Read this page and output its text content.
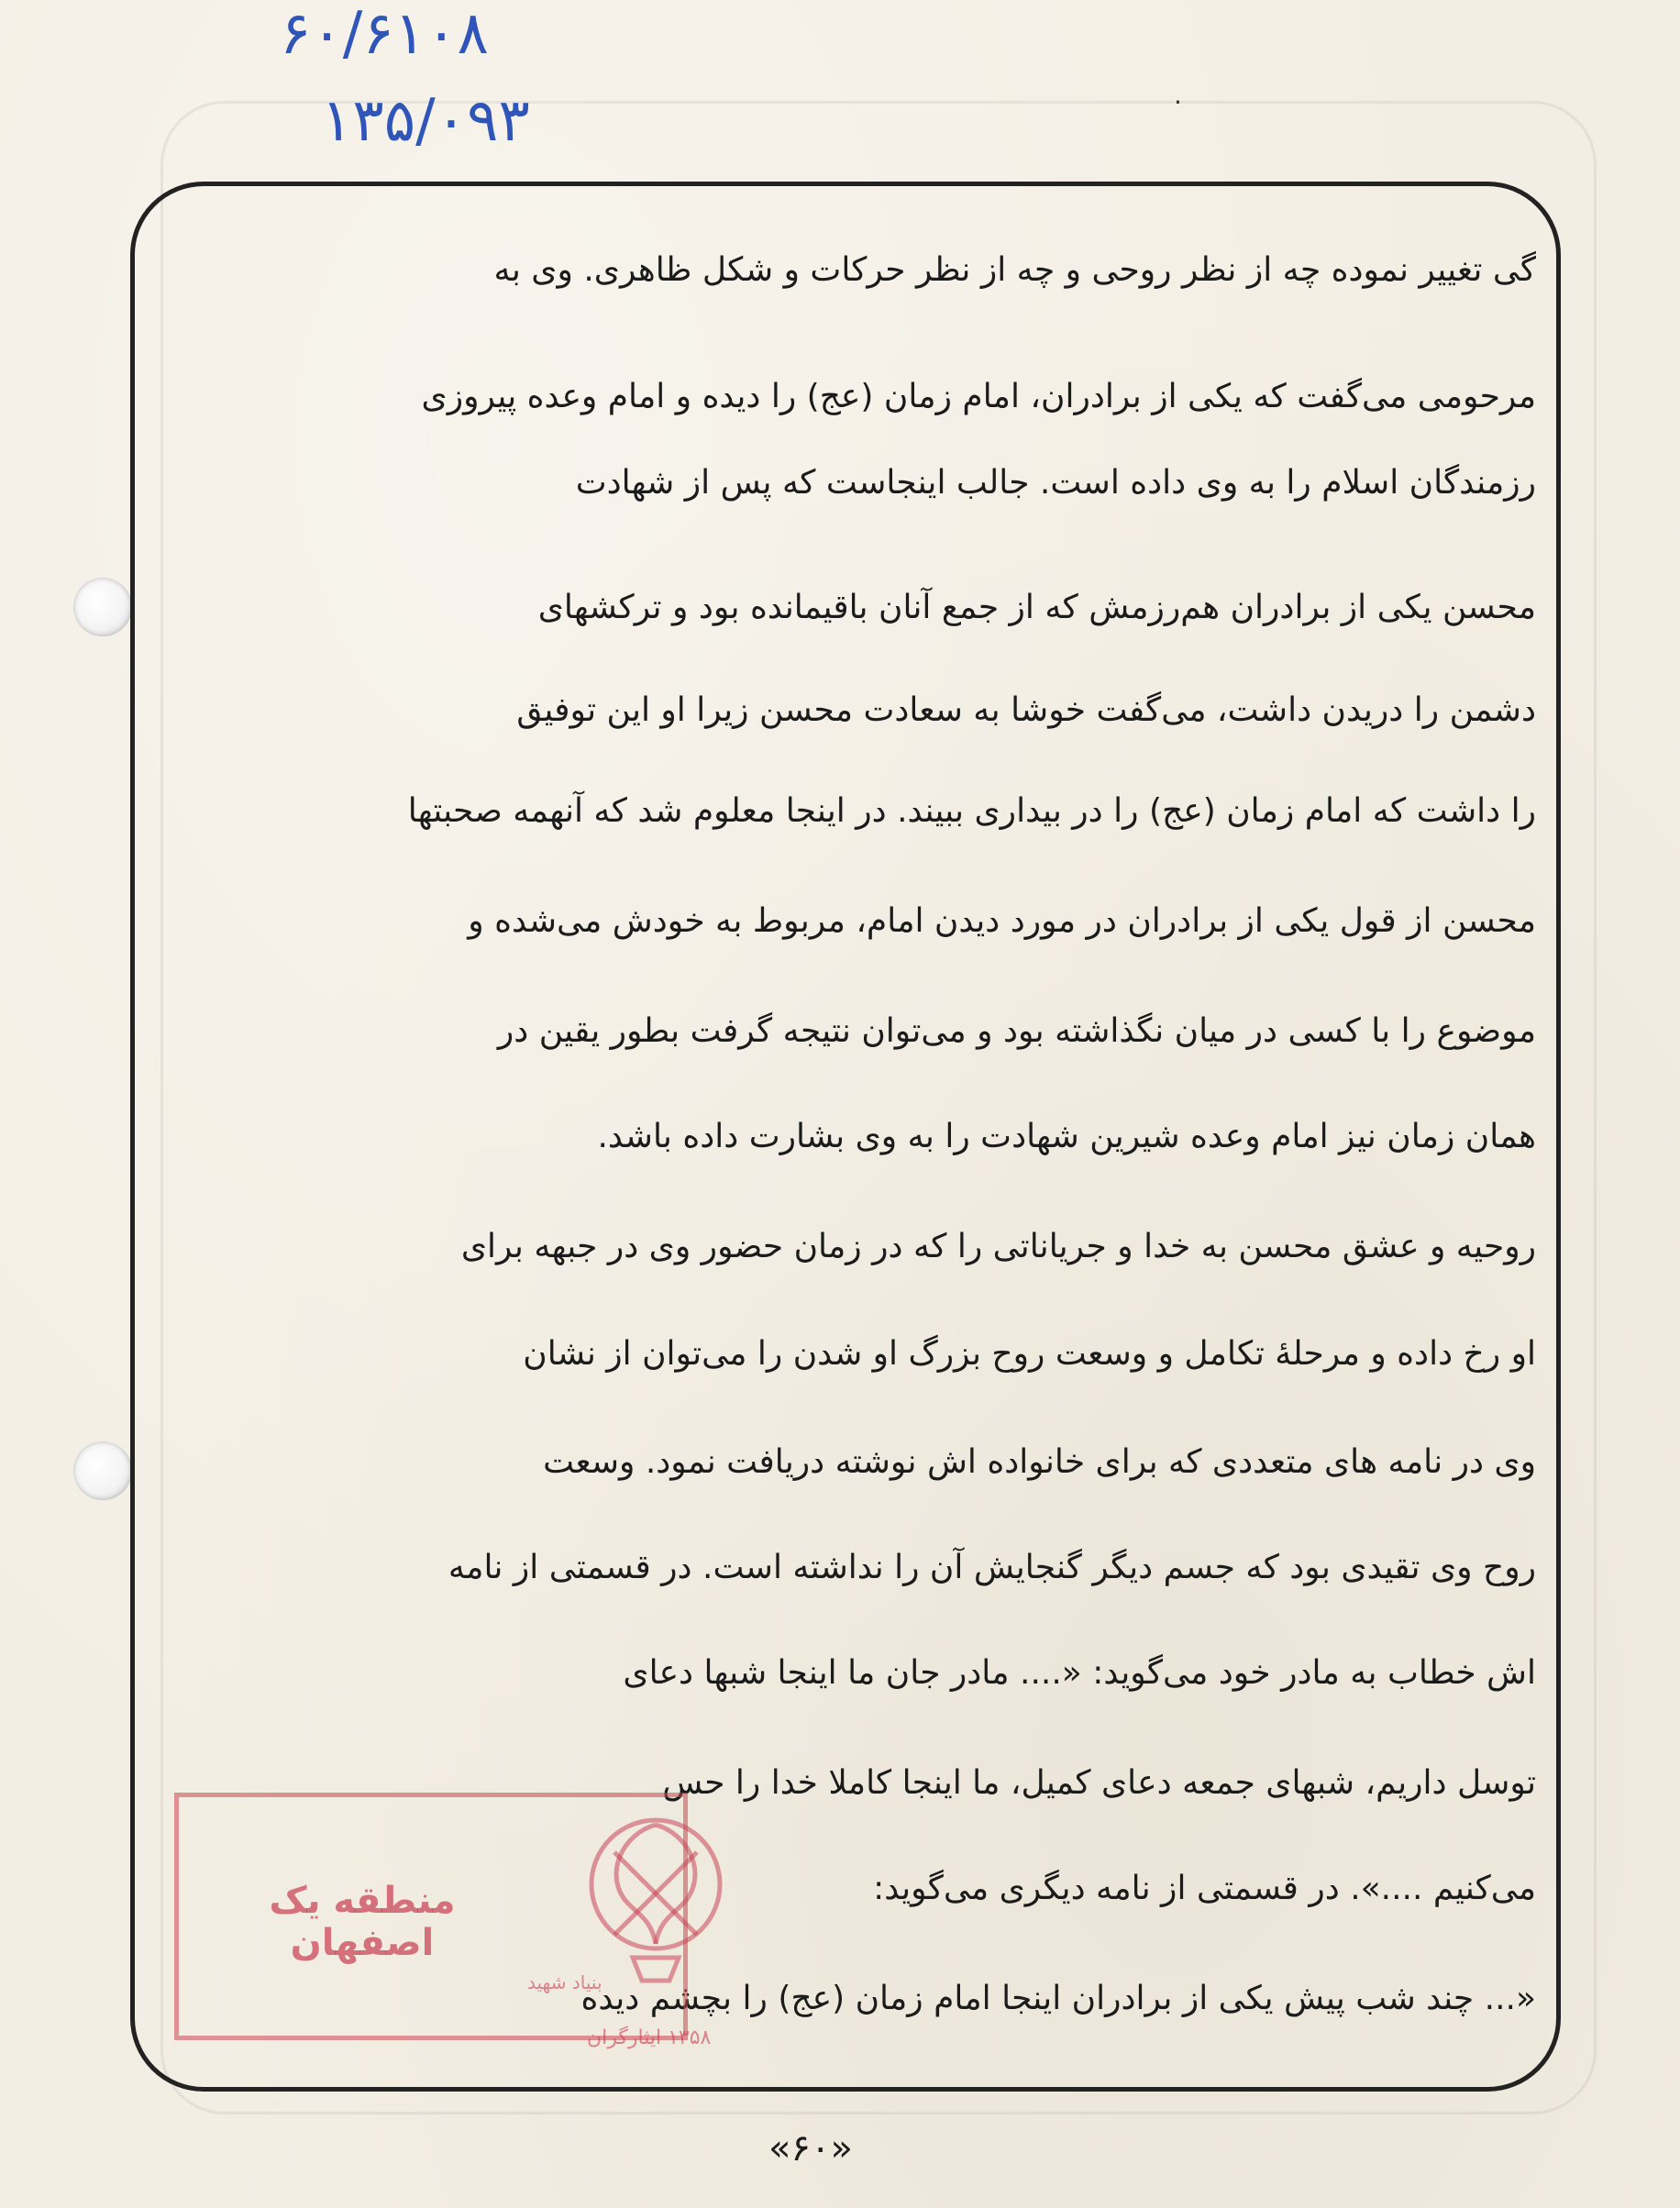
۶۰/۶۱۰۸
۱۳۵/۰۹۳	·
گی تغییر نموده چه از نظر روحی و چه از نظر حرکات و شکل ظاهری. وی به
مرحومی می‌گفت که یکی از برادران، امام زمان (عج) را دیده و امام وعده پیروزی
رزمندگان اسلام را به وی داده است. جالب اینجاست که پس از شهادت
محسن یکی از برادران هم‌رزمش که از جمع آنان باقیمانده بود و ترکشهای
دشمن را دریدن داشت، می‌گفت خوشا به سعادت محسن زیرا او این توفیق
را داشت که امام زمان (عج) را در بیداری ببیند. در اینجا معلوم شد که آنهمه صحبتها
محسن از قول یکی از برادران در مورد دیدن امام، مربوط به خودش می‌شده و
موضوع را با کسی در میان نگذاشته بود و می‌توان نتیجه گرفت بطور یقین در
همان زمان نیز امام وعده شیرین شهادت را به وی بشارت داده باشد.
روحیه و عشق محسن به خدا و جریاناتی را که در زمان حضور وی در جبهه برای
او رخ داده و مرحلۀ تکامل و وسعت روح بزرگ او شدن را می‌توان از نشان
وی در نامه های متعددی که برای خانواده اش نوشته دریافت نمود. وسعت
روح وی تقیدی بود که جسم دیگر گنجایش آن را نداشته است. در قسمتی از نامه
اش خطاب به مادر خود می‌گوید: «.... مادر جان ما اینجا شبها دعای
توسل داریم، شبهای جمعه دعای کمیل، ما اینجا کاملا خدا را حس
می‌کنیم ....». در قسمتی از نامه دیگری می‌گوید:
«... چند شب پیش یکی از برادران اینجا امام زمان (عج) را بچشم دیده
منطقه یک اصفهان
بنیاد شهید
۱۳۵۸ ایثارگران
«۶۰»
